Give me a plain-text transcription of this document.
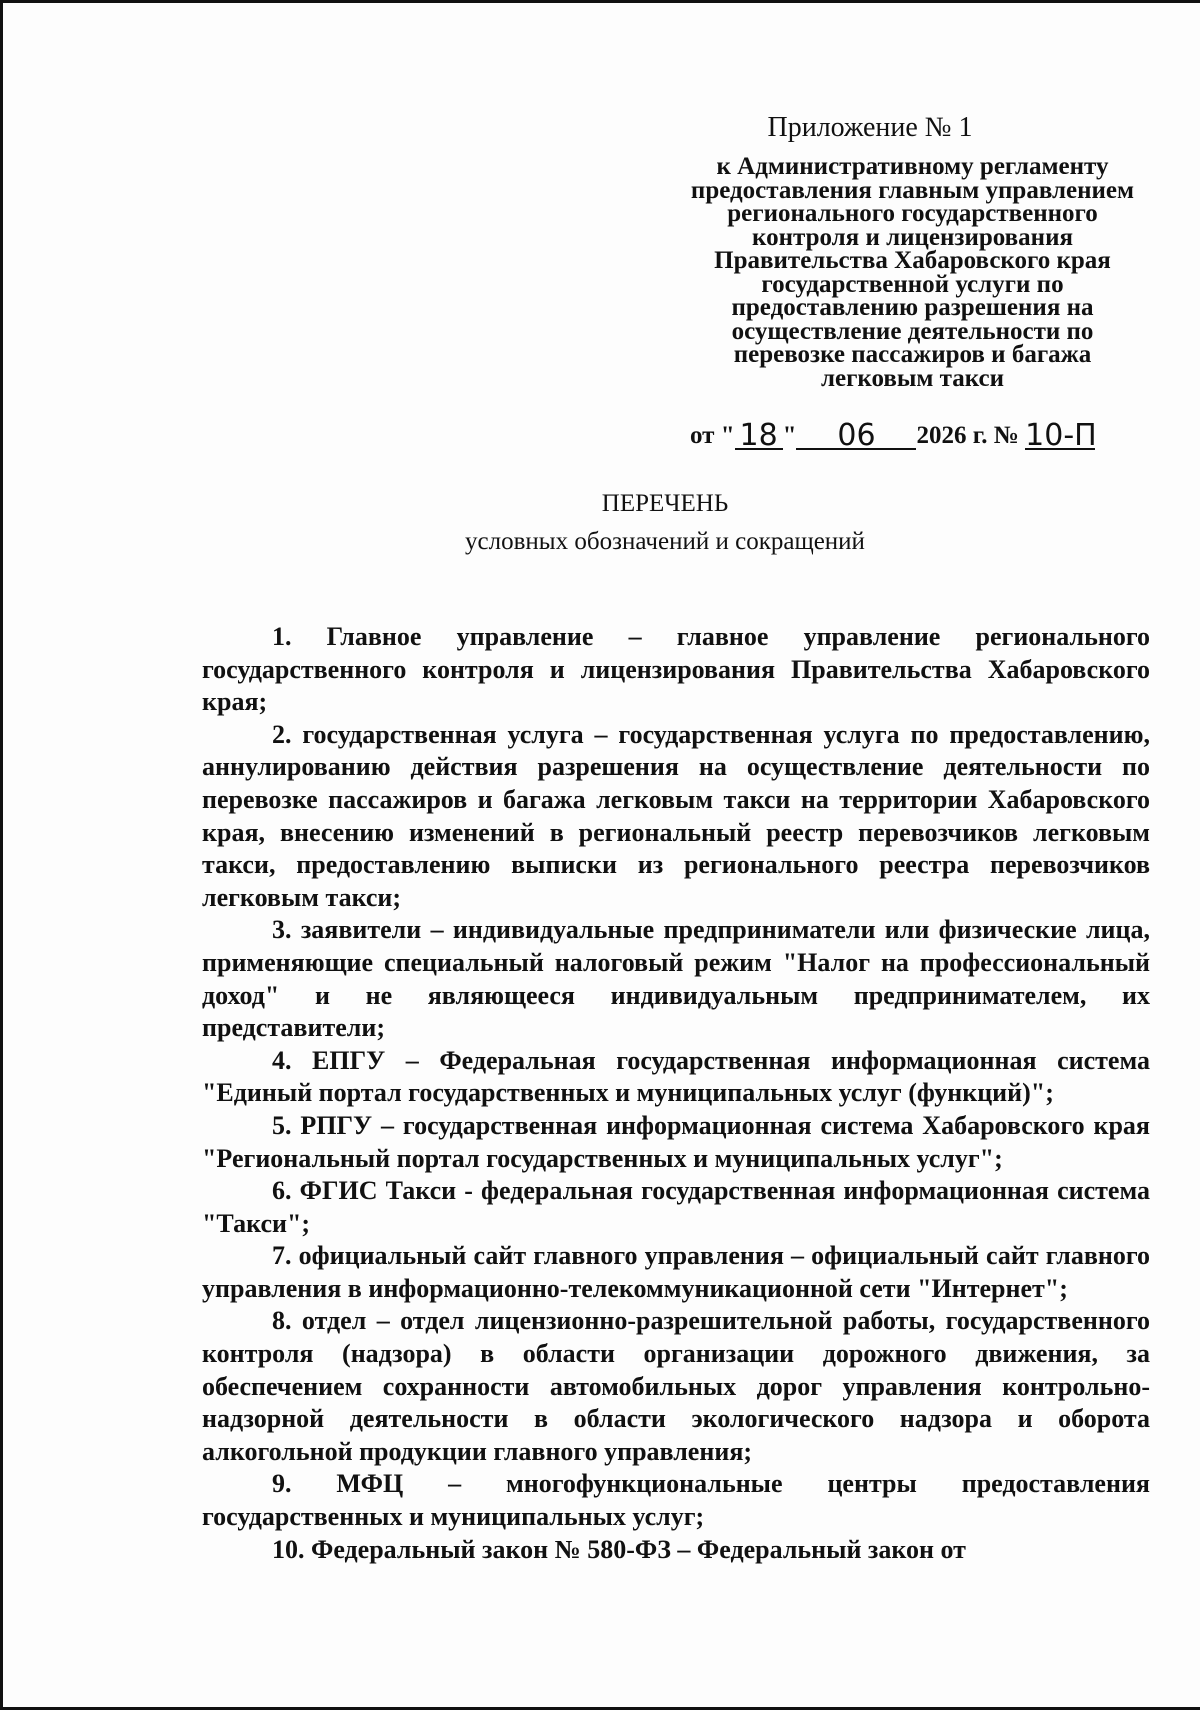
Приложение № 1
к Административному регламенту
предоставления главным управлением
регионального государственного
контроля и лицензирования
Правительства Хабаровского края
государственной услуги по
предоставлению разрешения на
осуществление деятельности по
перевозке пассажиров и багажа
легковым такси
от " 18 " 06 2026 г. № 10-П
ПЕРЕЧЕНЬ
условных обозначений и сокращений

1. Главное управление – главное управление регионального государственного контроля и лицензирования Правительства Хабаровского края;

2. государственная услуга – государственная услуга по предоставлению, аннулированию действия разрешения на осуществление деятельности по перевозке пассажиров и багажа легковым такси на территории Хабаровского края, внесению изменений в региональный реестр перевозчиков легковым такси, предоставлению выписки из регионального реестра перевозчиков легковым такси;

3. заявители – индивидуальные предприниматели или физические лица, применяющие специальный налоговый режим "Налог на профессиональный доход" и не являющееся индивидуальным предпринимателем, их представители;

4. ЕПГУ – Федеральная государственная информационная система "Единый портал государственных и муниципальных услуг (функций)";

5. РПГУ – государственная информационная система Хабаровского края "Региональный портал государственных и муниципальных услуг";

6. ФГИС Такси - федеральная государственная информационная система "Такси";

7. официальный сайт главного управления – официальный сайт главного управления в информационно-телекоммуникационной сети "Интернет";

8. отдел – отдел лицензионно-разрешительной работы, государственного контроля (надзора) в области организации дорожного движения, за обеспечением сохранности автомобильных дорог управления контрольно-надзорной деятельности в области экологического надзора и оборота алкогольной продукции главного управления;

9. МФЦ – многофункциональные центры предоставления государственных и муниципальных услуг;

10. Федеральный закон № 580-ФЗ – Федеральный закон от
